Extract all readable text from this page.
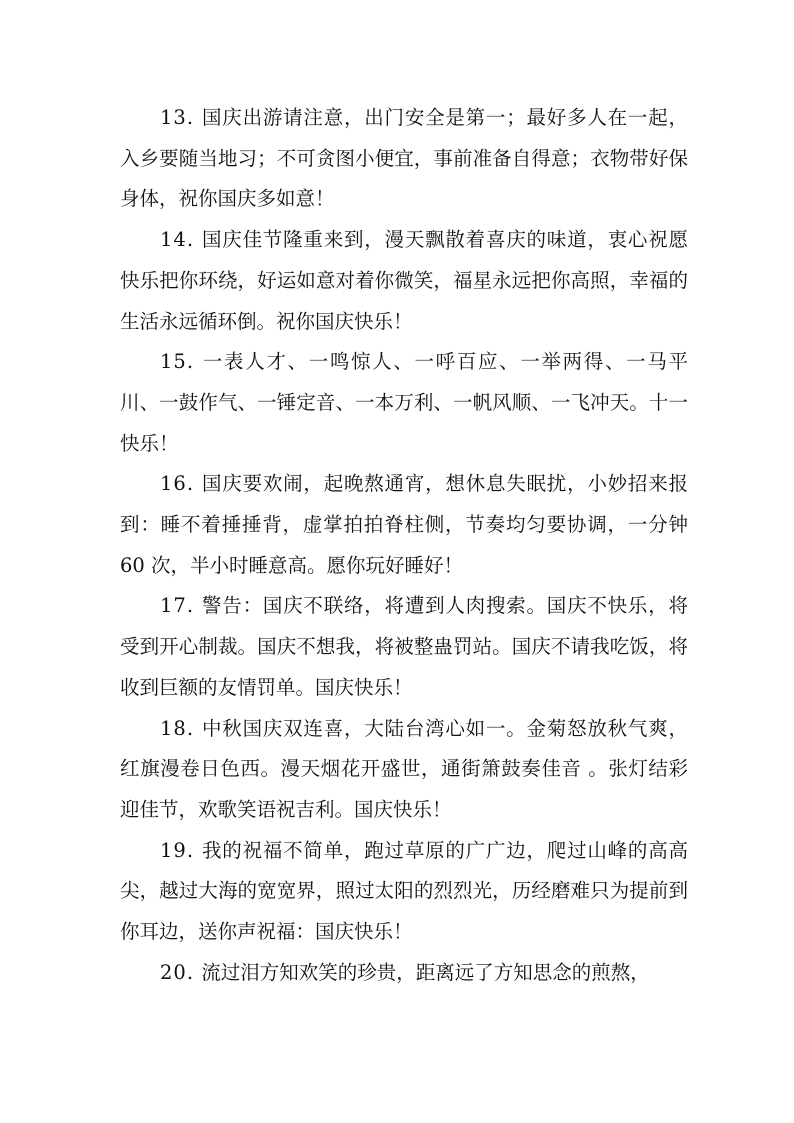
13. 国庆出游请注意，出门安全是第一；最好多人在一起，入乡要随当地习；不可贪图小便宜，事前准备自得意；衣物带好保身体，祝你国庆多如意！

14. 国庆佳节隆重来到，漫天飘散着喜庆的味道，衷心祝愿快乐把你环绕，好运如意对着你微笑，福星永远把你高照，幸福的生活永远循环倒。祝你国庆快乐！

15. 一表人才、一鸣惊人、一呼百应、一举两得、一马平川、一鼓作气、一锤定音、一本万利、一帆风顺、一飞冲天。十一快乐！

16. 国庆要欢闹，起晚熬通宵，想休息失眠扰，小妙招来报到：睡不着捶捶背，虚掌拍拍脊柱侧，节奏均匀要协调，一分钟 60 次，半小时睡意高。愿你玩好睡好！

17. 警告：国庆不联络，将遭到人肉搜索。国庆不快乐，将受到开心制裁。国庆不想我，将被整蛊罚站。国庆不请我吃饭，将收到巨额的友情罚单。国庆快乐！

18. 中秋国庆双连喜，大陆台湾心如一。金菊怒放秋气爽，红旗漫卷日色西。漫天烟花开盛世，通街箫鼓奏佳音 。张灯结彩迎佳节，欢歌笑语祝吉利。国庆快乐！

19. 我的祝福不简单，跑过草原的广广边，爬过山峰的高高尖，越过大海的宽宽界，照过太阳的烈烈光，历经磨难只为提前到你耳边，送你声祝福：国庆快乐！

20. 流过泪方知欢笑的珍贵，距离远了方知思念的煎熬，
